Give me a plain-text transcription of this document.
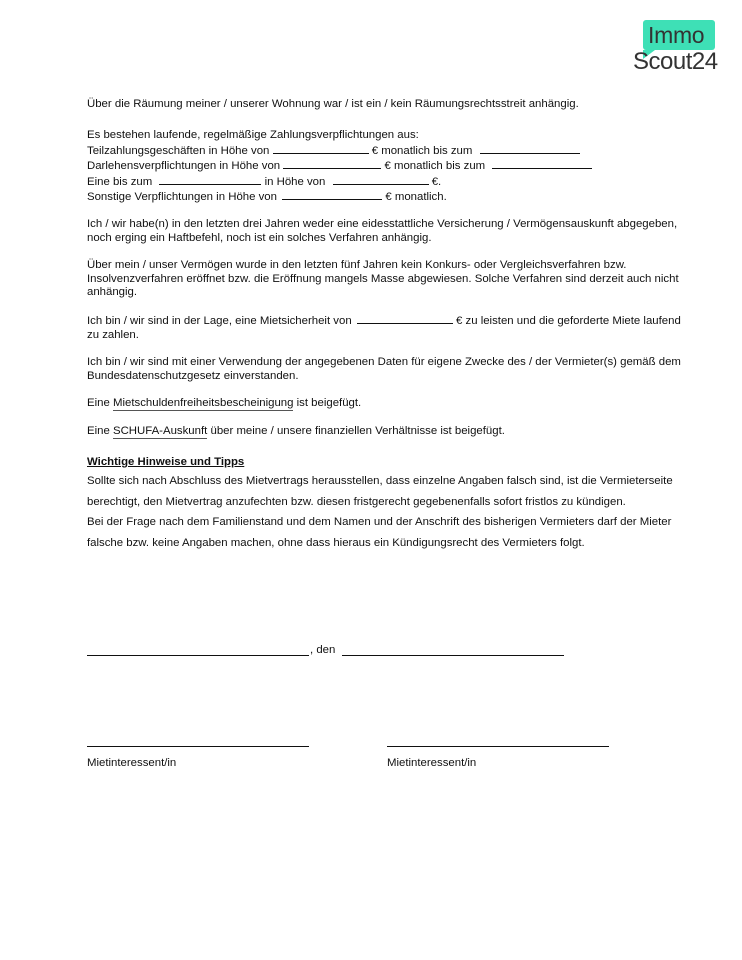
Immo
Scout24

Über die Räumung meiner / unserer Wohnung war / ist ein / kein Räumungsrechtsstreit anhängig.

Es bestehen laufende, regelmäßige Zahlungsverpflichtungen aus:

Teilzahlungsgeschäften in Höhe von	€ monatlich bis zum
Darlehensverpflichtungen in Höhe von	€ monatlich bis zum
Eine bis zum	in Höhe von	€.
Sonstige Verpflichtungen in Höhe von	€ monatlich.

Ich / wir habe(n) in den letzten drei Jahren weder eine eidesstattliche Versicherung / Vermögensauskunft abgegeben, noch erging ein Haftbefehl, noch ist ein solches Verfahren anhängig.

Über mein / unser Vermögen wurde in den letzten fünf Jahren kein Konkurs- oder Vergleichsverfahren bzw. Insolvenzverfahren eröffnet bzw. die Eröffnung mangels Masse abgewiesen. Solche Verfahren sind derzeit auch nicht anhängig.

Ich bin / wir sind in der Lage, eine Mietsicherheit von	€ zu leisten und die geforderte Miete laufend zu zahlen.

Ich bin / wir sind mit einer Verwendung der angegebenen Daten für eigene Zwecke des / der Vermieter(s) gemäß dem Bundesdatenschutzgesetz einverstanden.

Eine Mietschuldenfreiheitsbescheinigung ist beigefügt.

Eine SCHUFA-Auskunft über meine / unsere finanziellen Verhältnisse ist beigefügt.

Wichtige Hinweise und Tipps

Sollte sich nach Abschluss des Mietvertrags herausstellen, dass einzelne Angaben falsch sind, ist die Vermieterseite berechtigt, den Mietvertrag anzufechten bzw. diesen fristgerecht gegebenenfalls sofort fristlos zu kündigen.

Bei der Frage nach dem Familienstand und dem Namen und der Anschrift des bisherigen Vermieters darf der Mieter falsche bzw. keine Angaben machen, ohne dass hieraus ein Kündigungsrecht des Vermieters folgt.

, den
Mietinteressent/in	Mietinteressent/in
